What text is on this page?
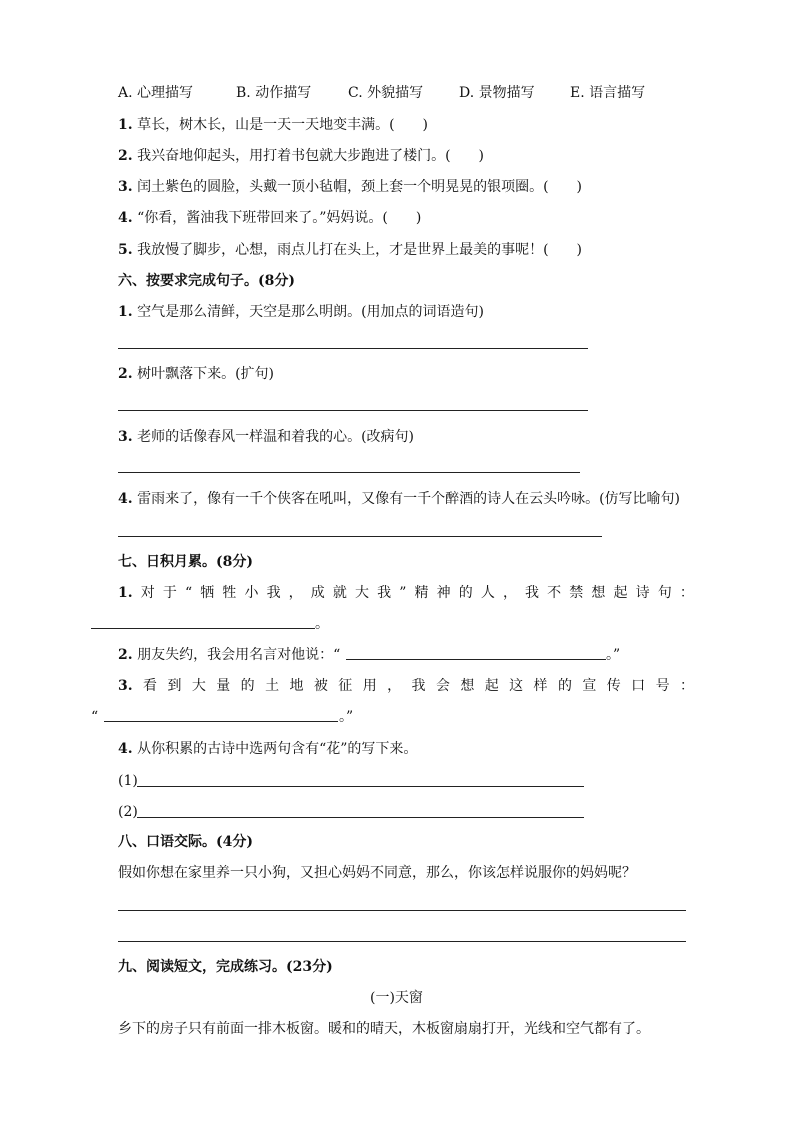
A. 心理描写	B. 动作描写	C. 外貌描写	D. 景物描写	E. 语言描写
1. 草长，树木长，山是一天一天地变丰满。(　　)
2. 我兴奋地仰起头，用打着书包就大步跑进了楼门。(　　)
3. 闰土紫色的圆脸，头戴一顶小毡帽，颈上套一个明晃晃的银项圈。(　　)
4. “你看，酱油我下班带回来了。”妈妈说。(　　)
5. 我放慢了脚步，心想，雨点儿打在头上，才是世界上最美的事呢！(　　)
六、按要求完成句子。(8分)
1. 空气是那么清鲜，天空是那么明朗。(用加点的词语造句)
2. 树叶飘落下来。(扩句)
3. 老师的话像春风一样温和着我的心。(改病句)
4. 雷雨来了，像有一千个侠客在吼叫，又像有一千个醉酒的诗人在云头吟咏。(仿写比喻句)
七、日积月累。(8分)
1. 对 于 “ 牺 牲 小 我 ， 成 就 大 我 ” 精 神 的 人 ， 我 不 禁 想 起 诗 句 ：
。
2. 朋友失约，我会用名言对他说：“	。”
3. 看 到 大 量 的 土 地 被 征 用 ， 我 会 想 起 这 样 的 宣 传 口 号 ：
“	。”
4. 从你积累的古诗中选两句含有“花”的写下来。
(1)
(2)
八、口语交际。(4分)
假如你想在家里养一只小狗，又担心妈妈不同意，那么，你该怎样说服你的妈妈呢？
九、阅读短文，完成练习。(23分)
(一)天窗
乡下的房子只有前面一排木板窗。暖和的晴天，木板窗扇扇打开，光线和空气都有了。
